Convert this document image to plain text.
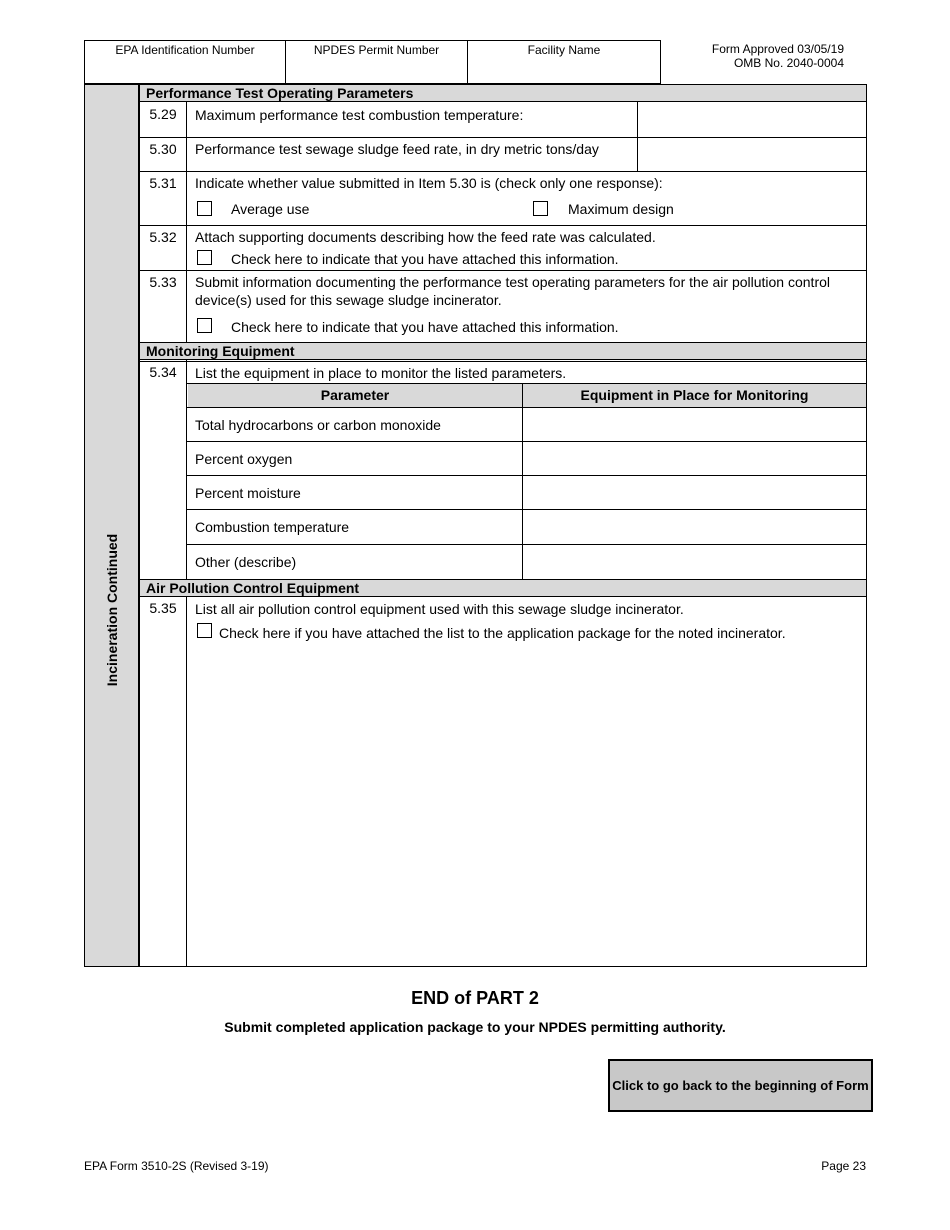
EPA Identification Number	NPDES Permit Number	Facility Name	Form Approved 03/05/19
OMB No. 2040-0004
Incineration Continued
Performance Test Operating Parameters
Monitoring Equipment
Air Pollution Control Equipment
5.29	Maximum performance test combustion temperature:
5.30	Performance test sewage sludge feed rate, in dry metric tons/day
5.31	Indicate whether value submitted in Item 5.30 is (check only one response):
Average use	Maximum design
5.32	Attach supporting documents describing how the feed rate was calculated.
Check here to indicate that you have attached this information.
5.33	Submit information documenting the performance test operating parameters for the air pollution control device(s) used for this sewage sludge incinerator.
Check here to indicate that you have attached this information.
5.34	List the equipment in place to monitor the listed parameters.
Parameter	Equipment in Place for Monitoring
Total hydrocarbons or carbon monoxide
Percent oxygen
Percent moisture
Combustion temperature
Other (describe)
5.35	List all air pollution control equipment used with this sewage sludge incinerator.
Check here if you have attached the list to the application package for the noted incinerator.
END of PART 2
Submit completed application package to your NPDES permitting authority.
Click to go back to the beginning of Form
EPA Form 3510-2S (Revised 3-19)	Page 23
